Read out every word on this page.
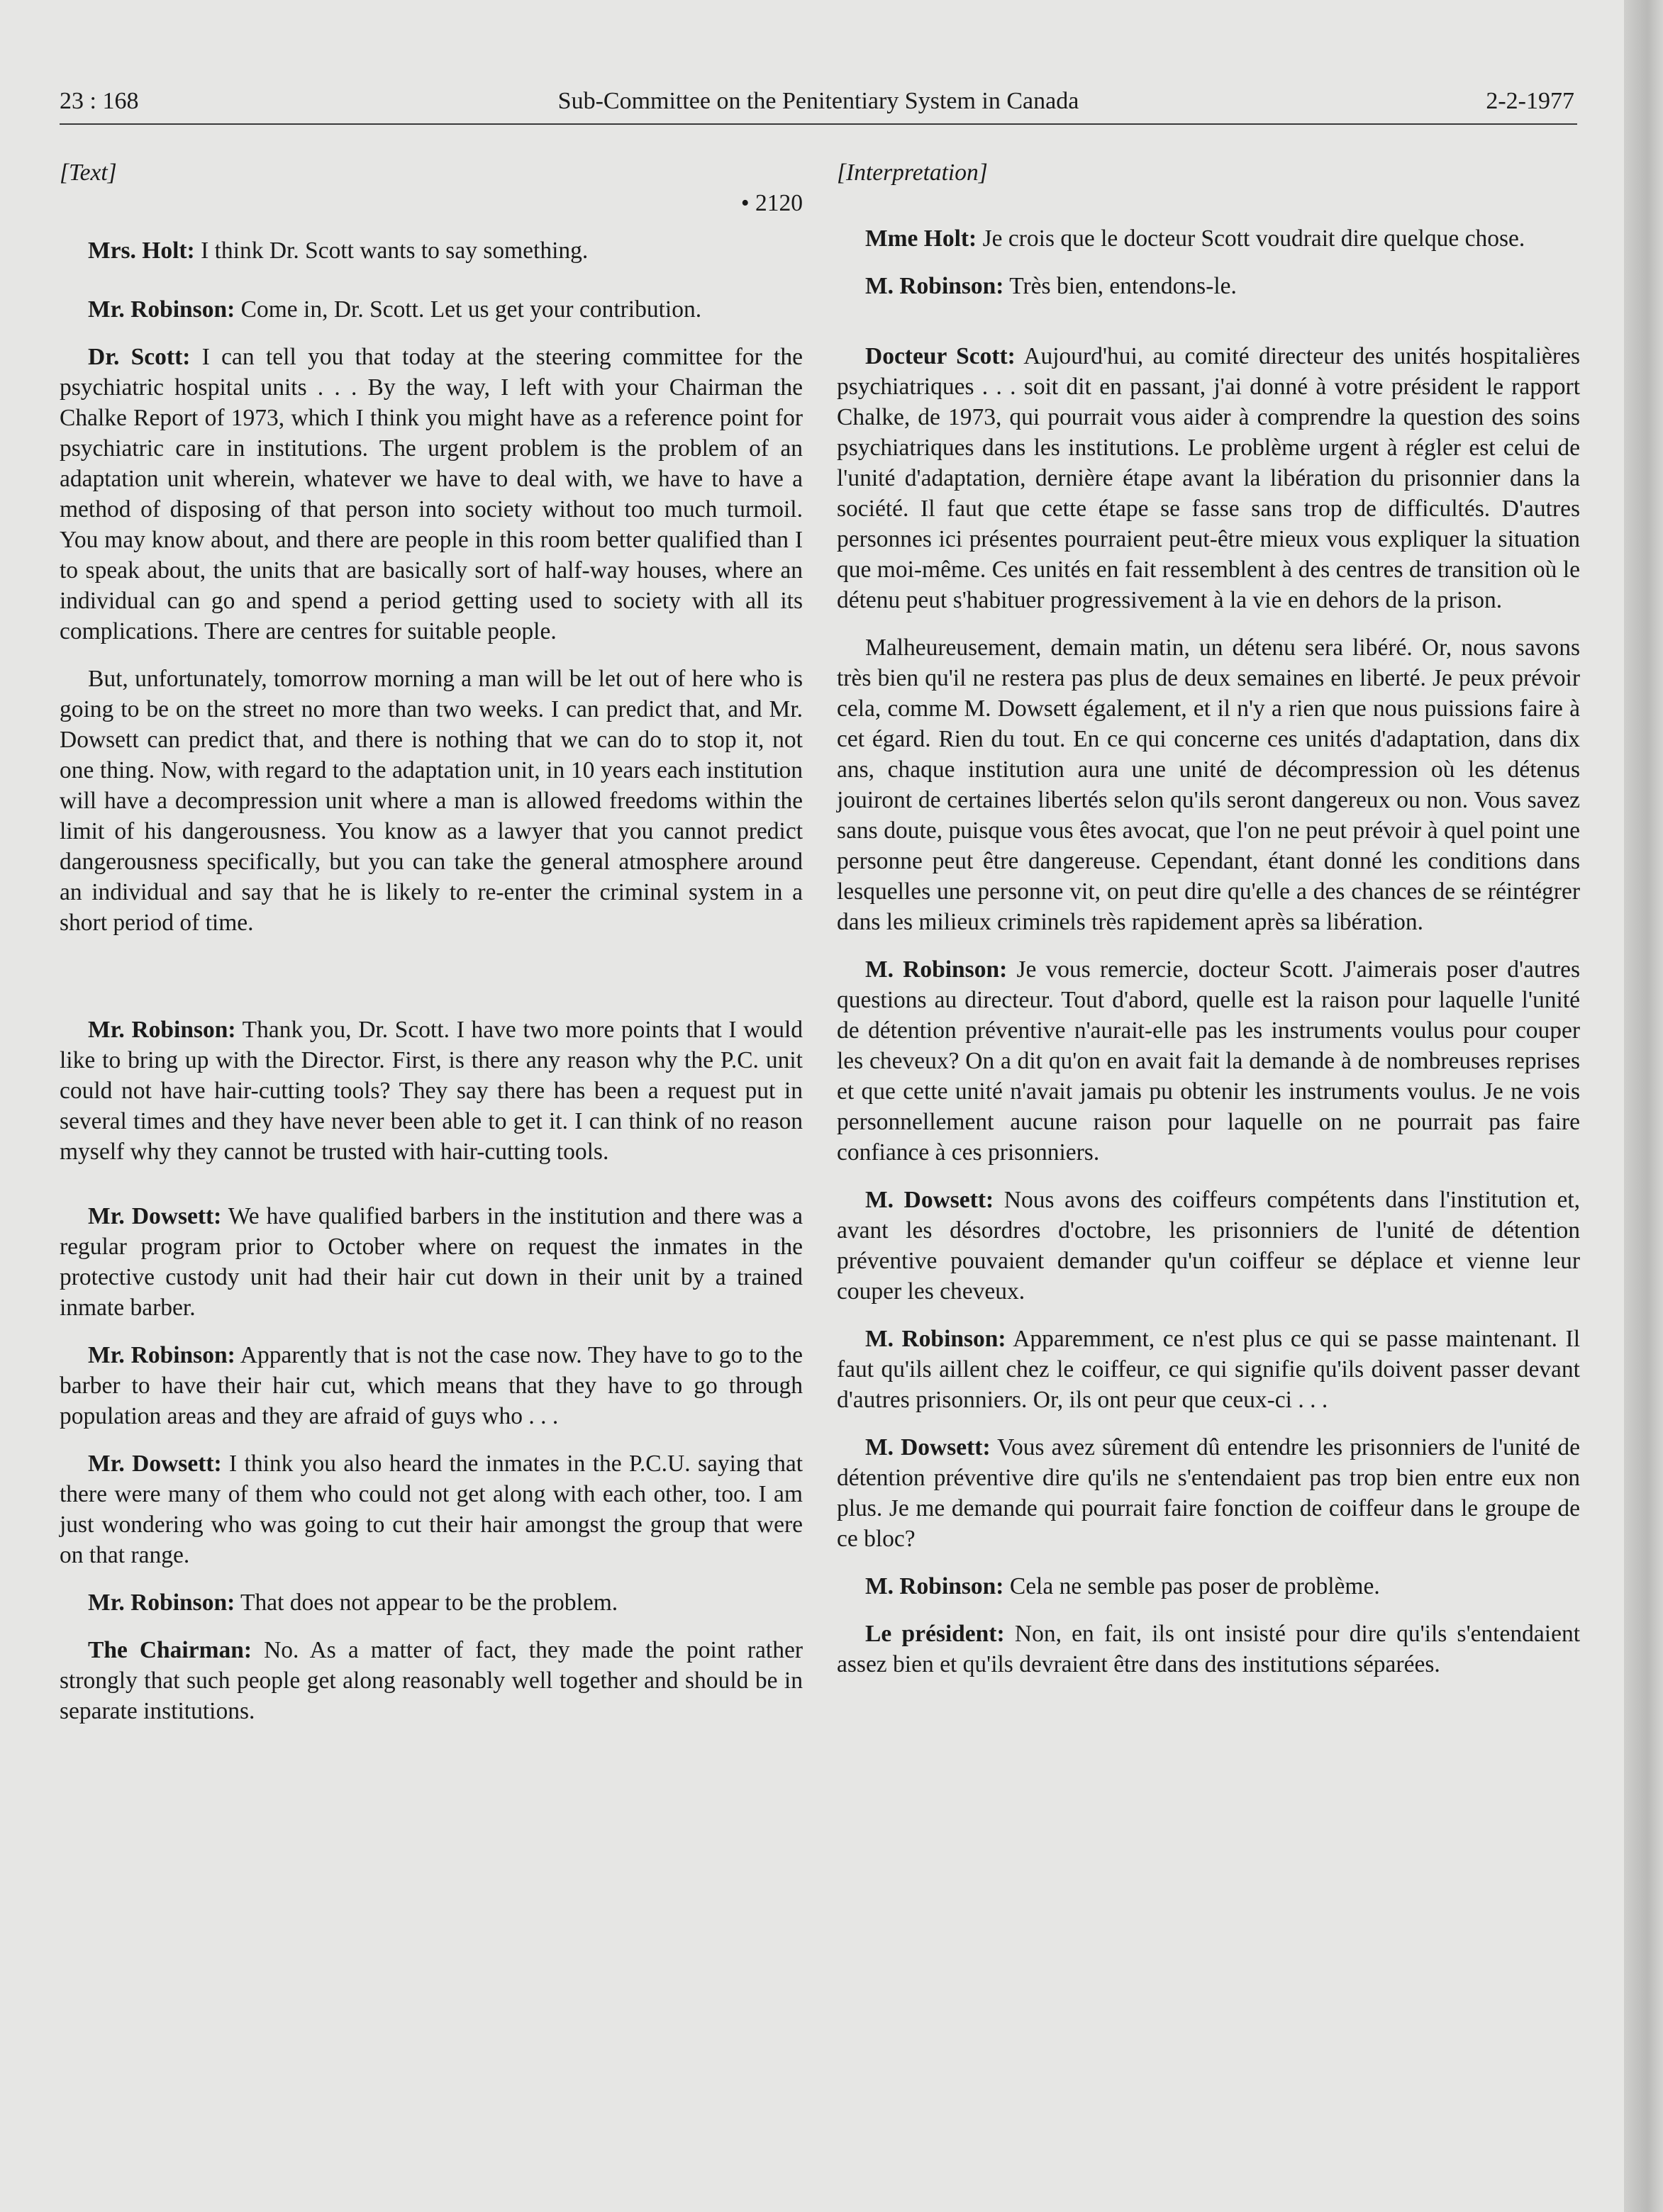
23 : 168	Sub-Committee on the Penitentiary System in Canada	2-2-1977

[Text]

• 2120

Mrs. Holt: I think Dr. Scott wants to say something.

Mr. Robinson: Come in, Dr. Scott. Let us get your contribution.

Dr. Scott: I can tell you that today at the steering committee for the psychiatric hospital units . . . By the way, I left with your Chairman the Chalke Report of 1973, which I think you might have as a reference point for psychiatric care in institutions. The urgent problem is the problem of an adaptation unit wherein, whatever we have to deal with, we have to have a method of disposing of that person into society without too much turmoil. You may know about, and there are people in this room better qualified than I to speak about, the units that are basically sort of half-way houses, where an individual can go and spend a period getting used to society with all its complications. There are centres for suitable people.

But, unfortunately, tomorrow morning a man will be let out of here who is going to be on the street no more than two weeks. I can predict that, and Mr. Dowsett can predict that, and there is nothing that we can do to stop it, not one thing. Now, with regard to the adaptation unit, in 10 years each institution will have a decompression unit where a man is allowed freedoms within the limit of his dangerousness. You know as a lawyer that you cannot predict dangerousness specifically, but you can take the general atmosphere around an individual and say that he is likely to re-enter the criminal system in a short period of time.

Mr. Robinson: Thank you, Dr. Scott. I have two more points that I would like to bring up with the Director. First, is there any reason why the P.C. unit could not have hair-cutting tools? They say there has been a request put in several times and they have never been able to get it. I can think of no reason myself why they cannot be trusted with hair-cutting tools.

Mr. Dowsett: We have qualified barbers in the institution and there was a regular program prior to October where on request the inmates in the protective custody unit had their hair cut down in their unit by a trained inmate barber.

Mr. Robinson: Apparently that is not the case now. They have to go to the barber to have their hair cut, which means that they have to go through population areas and they are afraid of guys who . . .

Mr. Dowsett: I think you also heard the inmates in the P.C.U. saying that there were many of them who could not get along with each other, too. I am just wondering who was going to cut their hair amongst the group that were on that range.

Mr. Robinson: That does not appear to be the problem.

The Chairman: No. As a matter of fact, they made the point rather strongly that such people get along reasonably well together and should be in separate institutions.

[Interpretation]

Mme Holt: Je crois que le docteur Scott voudrait dire quelque chose.

M. Robinson: Très bien, entendons-le.

Docteur Scott: Aujourd'hui, au comité directeur des unités hospitalières psychiatriques . . . soit dit en passant, j'ai donné à votre président le rapport Chalke, de 1973, qui pourrait vous aider à comprendre la question des soins psychiatriques dans les institutions. Le problème urgent à régler est celui de l'unité d'adaptation, dernière étape avant la libération du prisonnier dans la société. Il faut que cette étape se fasse sans trop de difficultés. D'autres personnes ici présentes pourraient peut-être mieux vous expliquer la situation que moi-même. Ces unités en fait ressemblent à des centres de transition où le détenu peut s'habituer progressivement à la vie en dehors de la prison.

Malheureusement, demain matin, un détenu sera libéré. Or, nous savons très bien qu'il ne restera pas plus de deux semaines en liberté. Je peux prévoir cela, comme M. Dowsett également, et il n'y a rien que nous puissions faire à cet égard. Rien du tout. En ce qui concerne ces unités d'adaptation, dans dix ans, chaque institution aura une unité de décompression où les détenus jouiront de certaines libertés selon qu'ils seront dangereux ou non. Vous savez sans doute, puisque vous êtes avocat, que l'on ne peut prévoir à quel point une personne peut être dangereuse. Cependant, étant donné les conditions dans lesquelles une personne vit, on peut dire qu'elle a des chances de se réintégrer dans les milieux criminels très rapidement après sa libération.

M. Robinson: Je vous remercie, docteur Scott. J'aimerais poser d'autres questions au directeur. Tout d'abord, quelle est la raison pour laquelle l'unité de détention préventive n'aurait-elle pas les instruments voulus pour couper les cheveux? On a dit qu'on en avait fait la demande à de nombreuses reprises et que cette unité n'avait jamais pu obtenir les instruments voulus. Je ne vois personnellement aucune raison pour laquelle on ne pourrait pas faire confiance à ces prisonniers.

M. Dowsett: Nous avons des coiffeurs compétents dans l'institution et, avant les désordres d'octobre, les prisonniers de l'unité de détention préventive pouvaient demander qu'un coiffeur se déplace et vienne leur couper les cheveux.

M. Robinson: Apparemment, ce n'est plus ce qui se passe maintenant. Il faut qu'ils aillent chez le coiffeur, ce qui signifie qu'ils doivent passer devant d'autres prisonniers. Or, ils ont peur que ceux-ci . . .

M. Dowsett: Vous avez sûrement dû entendre les prisonniers de l'unité de détention préventive dire qu'ils ne s'entendaient pas trop bien entre eux non plus. Je me demande qui pourrait faire fonction de coiffeur dans le groupe de ce bloc?

M. Robinson: Cela ne semble pas poser de problème.

Le président: Non, en fait, ils ont insisté pour dire qu'ils s'entendaient assez bien et qu'ils devraient être dans des institutions séparées.
